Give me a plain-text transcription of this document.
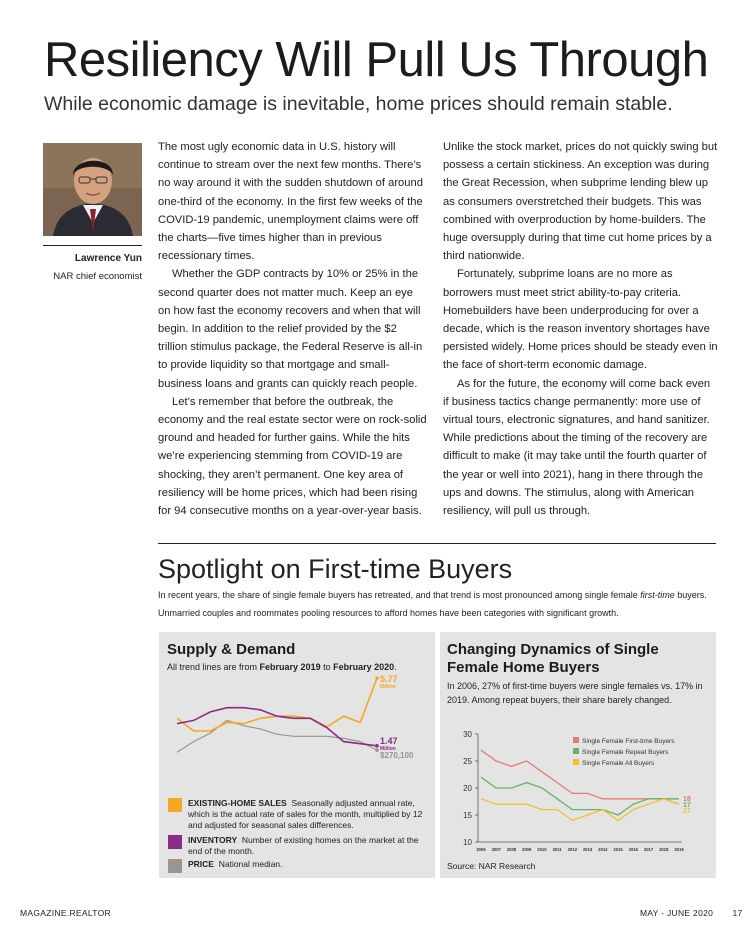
Resiliency Will Pull Us Through
While economic damage is inevitable, home prices should remain stable.
Lawrence Yun
NAR chief economist

The most ugly economic data in U.S. history will continue to stream over the next few months. There’s no way around it with the sudden shutdown of around one-third of the economy. In the first few weeks of the COVID-19 pandemic, unemployment claims were off the charts—five times higher than in previous recessionary times.

Whether the GDP contracts by 10% or 25% in the second quarter does not matter much. Keep an eye on how fast the economy recovers and when that will begin. In addition to the relief provided by the $2 trillion stimulus package, the Federal Reserve is all-in to provide liquidity so that mortgage and small-business loans and grants can quickly reach people.

Let’s remember that before the outbreak, the economy and the real estate sector were on rock-solid ground and headed for further gains. While the hits we’re experiencing stemming from COVID-19 are shocking, they aren’t permanent. One key area of resiliency will be home prices, which had been rising for 94 consecutive months on a year-over-year basis.

Unlike the stock market, prices do not quickly swing but possess a certain stickiness. An exception was during the Great Recession, when subprime lending blew up as consumers overstretched their budgets. This was combined with overproduction by home-builders. The huge oversupply during that time cut home prices by a third nationwide.

Fortunately, subprime loans are no more as borrowers must meet strict ability-to-pay criteria. Homebuilders have been underproducing for over a decade, which is the reason inventory shortages have persisted widely. Home prices should be steady even in the face of short-term economic damage.

As for the future, the economy will come back even if business tactics change permanently: more use of virtual tours, electronic signatures, and hand sanitizer. While predictions about the timing of the recovery are difficult to make (it may take until the fourth quarter of the year or well into 2021), hang in there through the ups and downs. The stimulus, along with American resiliency, will pull us through.

Spotlight on First-time Buyers
In recent years, the share of single female buyers has retreated, and that trend is most pronounced among single female first-time buyers. Unmarried couples and roommates pooling resources to afford homes have been categories with significant growth.
Supply & Demand
All trend lines are from February 2019 to February 2020.
5.77
Million
1.47
Million
$270,100
EXISTING-HOME SALES Seasonally adjusted annual rate, which is the actual rate of sales for the month, multiplied by 12 and adjusted for seasonal sales differences.
INVENTORY Number of existing homes on the market at the end of the month.
PRICE National median.
Changing Dynamics of Single Female Home Buyers
In 2006, 27% of first-time buyers were single females vs. 17% in 2019. Among repeat buyers, their share barely changed.
10
15
20
25
30
2006 2007 2008 2009 2010 2011 2012 2013 2014 2015 2016 2017 2018 2019
18
17
17
Single Female First-time Buyers
Single Female Repeat Buyers
Single Female All Buyers
Source: NAR Research
MAGAZINE.REALTOR	MAY - JUNE 2020 17
